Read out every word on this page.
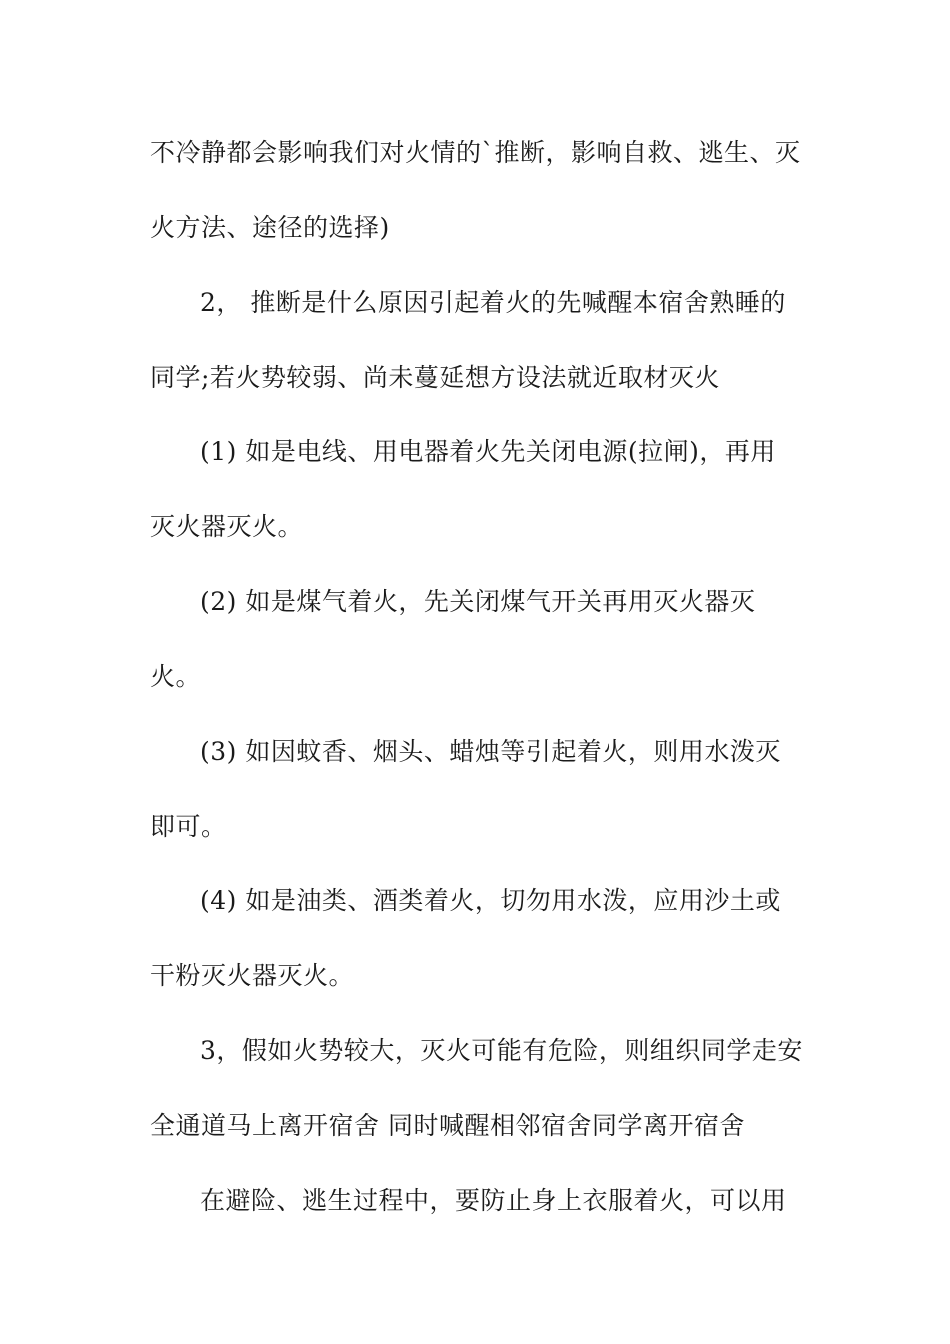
不冷静都会影响我们对火情的`推断，影响自救、逃生、灭
火方法、途径的选择)
2， 推断是什么原因引起着火的先喊醒本宿舍熟睡的
同学;若火势较弱、尚未蔓延想方设法就近取材灭火
(1) 如是电线、用电器着火先关闭电源(拉闸)，再用
灭火器灭火。
(2) 如是煤气着火，先关闭煤气开关再用灭火器灭
火。
(3) 如因蚊香、烟头、蜡烛等引起着火，则用水泼灭
即可。
(4) 如是油类、酒类着火，切勿用水泼，应用沙土或
干粉灭火器灭火。
3，假如火势较大，灭火可能有危险，则组织同学走安
全通道马上离开宿舍 同时喊醒相邻宿舍同学离开宿舍
在避险、逃生过程中，要防止身上衣服着火，可以用
